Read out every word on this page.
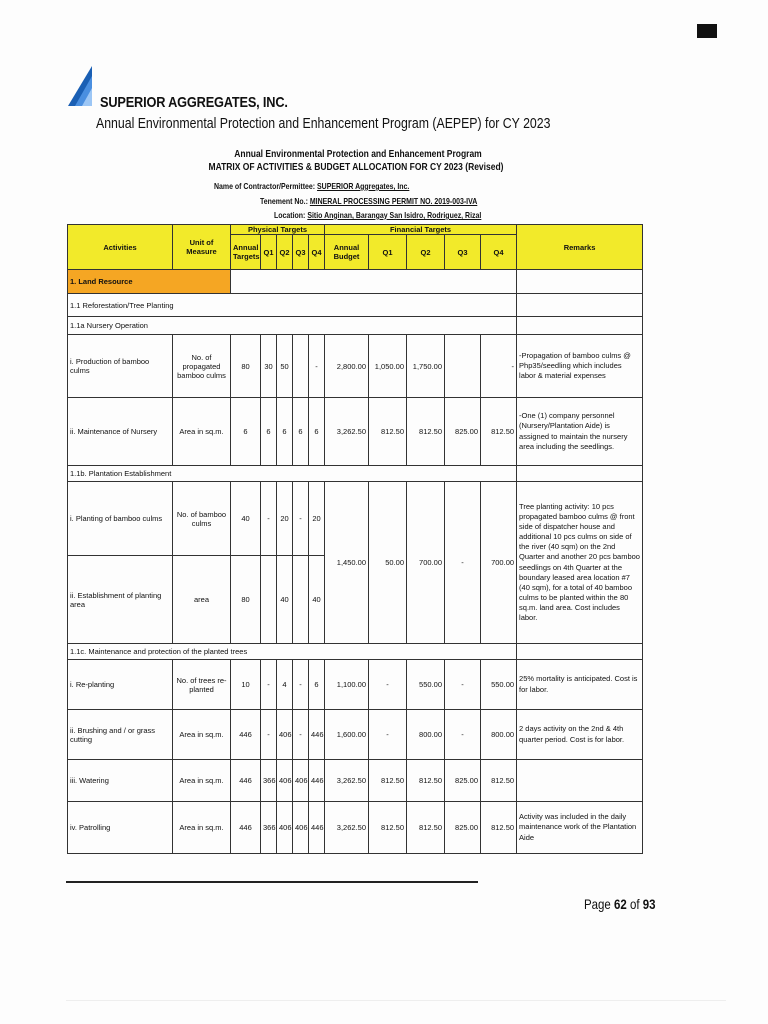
SUPERIOR AGGREGATES, INC.
Annual Environmental Protection and Enhancement Program (AEPEP) for CY 2023
Annual Environmental Protection and Enhancement Program
MATRIX OF ACTIVITIES & BUDGET ALLOCATION FOR CY 2023 (Revised)
Name of Contractor/Permittee: SUPERIOR Aggregates, Inc.
Tenement No.: MINERAL PROCESSING PERMIT NO. 2019-003-IVA
Location: Sitio Anginan, Barangay San Isidro, Rodriguez, Rizal
Activities	Unit of Measure	Physical Targets					Financial Targets					Remarks
		Annual Targets	Q1	Q2	Q3	Q4	Annual Budget	Q1	Q2	Q3	Q4	
1. Land Resource												
1.1 Reforestation/Tree Planting												
1.1a Nursery Operation												
i. Production of bamboo culms	No. of propagated bamboo culms	80	30	50		-	2,800.00	1,050.00	1,750.00		-	-Propagation of bamboo culms @ Php35/seedling which includes labor & material expenses
ii. Maintenance of Nursery	Area in sq.m.	6	6	6	6	6	3,262.50	812.50	812.50	825.00	812.50	-One (1) company personnel (Nursery/Plantation Aide) is assigned to maintain the nursery area including the seedlings.
1.1b. Plantation Establishment												
i. Planting of bamboo culms	No. of bamboo culms	40	-	20	-	20	1,450.00	50.00	700.00	-	700.00	Tree planting activity: 10 pcs propagated bamboo culms @ front side of dispatcher house and additional 10 pcs culms on side of the river (40 sqm) on the 2nd Quarter and another 20 pcs bamboo seedlings on 4th Quarter at the boundary leased area location #7 (40 sqm), for a total of 40 bamboo culms to be planted within the 80 sq.m. land area. Cost includes labor.
ii. Establishment of planting area	area	80		40		40						
1.1c. Maintenance and protection of the planted trees												
i. Re-planting	No. of trees re-planted	10	-	4	-	6	1,100.00	-	550.00	-	550.00	25% mortality is anticipated. Cost is for labor.
ii. Brushing and / or grass cutting	Area in sq.m.	446	-	406	-	446	1,600.00	-	800.00	-	800.00	2 days activity on the 2nd & 4th quarter period. Cost is for labor.
iii. Watering	Area in sq.m.	446	366	406	406	446	3,262.50	812.50	812.50	825.00	812.50	
iv. Patrolling	Area in sq.m.	446	366	406	406	446	3,262.50	812.50	812.50	825.00	812.50	Activity was included in the daily maintenance work of the Plantation Aide
Page 62 of 93
